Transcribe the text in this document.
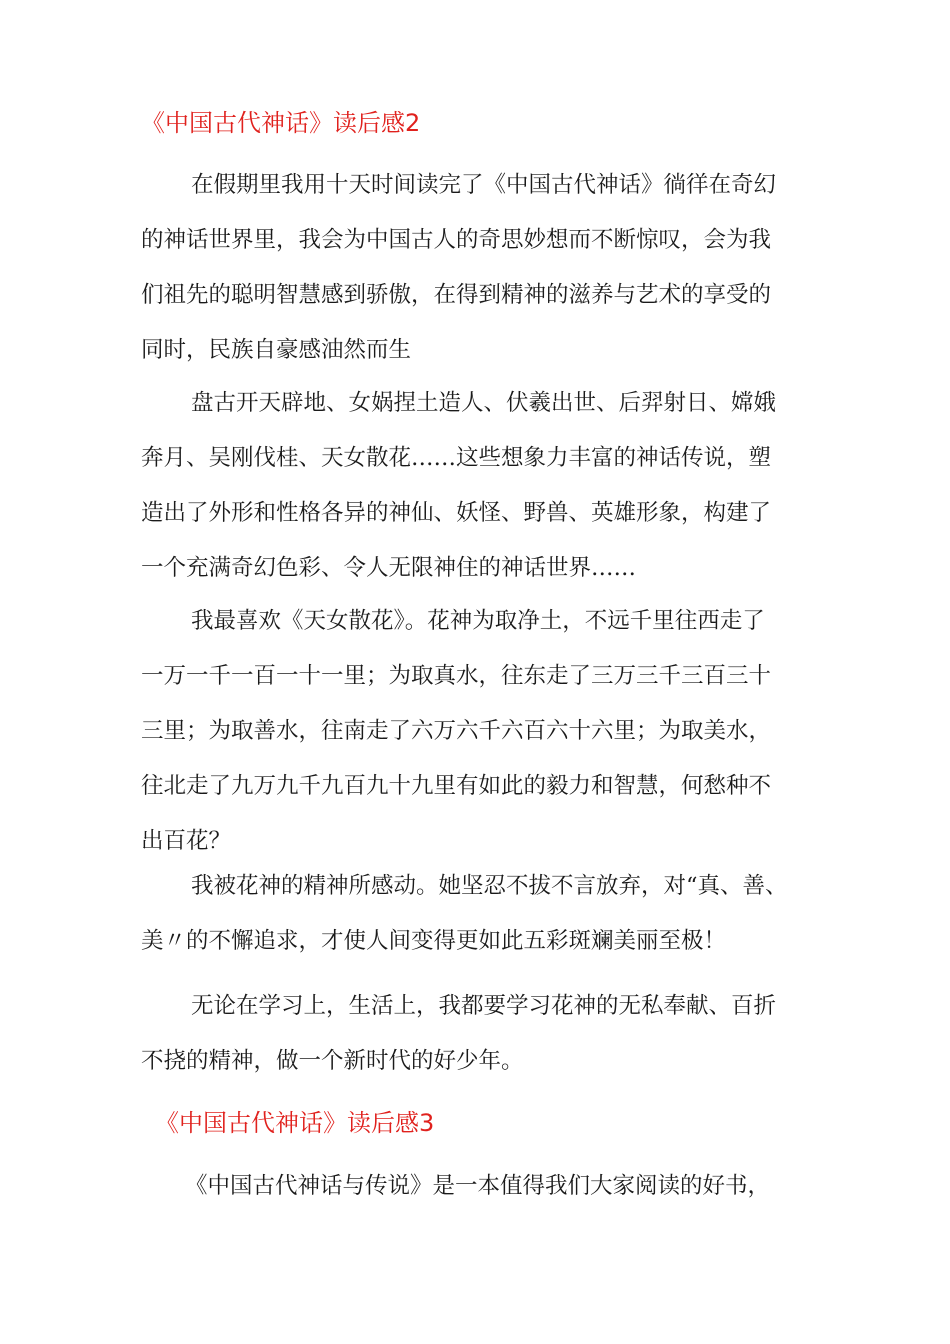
《中国古代神话》读后感2

在假期里我用十天时间读完了《中国古代神话》徜徉在奇幻
的神话世界里，我会为中国古人的奇思妙想而不断惊叹，会为我
们祖先的聪明智慧感到骄傲，在得到精神的滋养与艺术的享受的
同时，民族自豪感油然而生

盘古开天辟地、女娲捏土造人、伏羲出世、后羿射日、嫦娥
奔月、吴刚伐桂、天女散花……这些想象力丰富的神话传说，塑
造出了外形和性格各异的神仙、妖怪、野兽、英雄形象，构建了
一个充满奇幻色彩、令人无限神住的神话世界……

我最喜欢《天女散花》。花神为取净土，不远千里往西走了
一万一千一百一十一里；为取真水，往东走了三万三千三百三十
三里；为取善水，往南走了六万六千六百六十六里；为取美水，
往北走了九万九千九百九十九里有如此的毅力和智慧，何愁种不
出百花？

我被花神的精神所感动。她坚忍不拔不言放弃，对“真、善、
美〃的不懈追求，才使人间变得更如此五彩斑斓美丽至极！

无论在学习上，生活上，我都要学习花神的无私奉献、百折
不挠的精神，做一个新时代的好少年。

《中国古代神话》读后感3

《中国古代神话与传说》是一本值得我们大家阅读的好书，
